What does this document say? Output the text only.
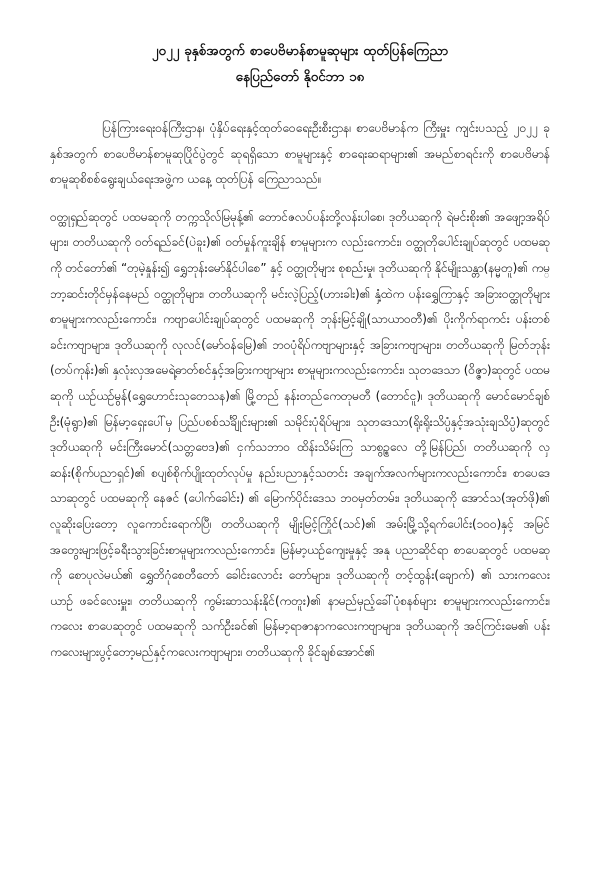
၂၀၂၂ ခုနှစ်အတွက် စာပေဗိမာန်စာမူဆုများ ထုတ်ပြန်ကြေညာ
နေပြည်တော် နိုဝင်ဘာ ၁၈

ပြန်ကြားရေးဝန်ကြီးဌာန၊ ပုံနှိပ်ရေးနှင့်ထုတ်ဝေရေးဦးစီးဌာန၊ စာပေဗိမာန်က ကြီးမှူး ကျင်းပသည့် ၂၀၂၂ ခုနှစ်အတွက် စာပေဗိမာန်စာမူဆုပြိုင်ပွဲတွင် ဆုရရှိသော စာမူများနှင့် စာရေးဆရာများ၏ အမည်စာရင်းကို စာပေဗိမာန်စာမူဆုစိစစ်ရွေးချယ်ရေးအဖွဲ့က ယနေ့ ထုတ်ပြန် ကြေညာသည်။

ဝတ္ထုရှည်ဆုတွင် ပထမဆုကို တက္ကသိုလ်မြမုန့်၏ တောင်ဇလပ်ပန်းတို့လန်းပါစေ၊ ဒုတိယဆုကို ရဲမင်းစိုး၏ အဖျော့အရိပ်များ၊ တတိယဆုကို ဝတ်ရည်ခင်(ပဲခူး)၏ ဝတ်မှုန်ကူးချိန် စာမူများက လည်းကောင်း၊ ဝတ္ထုတိုပေါင်းချုပ်ဆုတွင် ပထမဆုကို တင်တော်၏ “တုမဲ့နှုန်း၍ ရွှေဘုန်းမော်နိုင်ပါစေ” နှင့် ဝတ္ထုတိုများ စုစည်းမှု၊ ဒုတိယဆုကို နိုင်မျိုးသန္တာ(နမ္မတူ)၏ ကမ္ဘာ့ဆင်းတိုင်မှန်နေမည် ဝတ္ထုတိုများ၊ တတိယဆုကို မင်းလဲ့ပြည့်(ဟားခါး)၏ နှံ့ထဲက ပန်းရွှေကြာနှင့် အခြားဝတ္ထုတိုများ စာမူများကလည်းကောင်း၊ ကဗျာပေါင်းချုပ်ဆုတွင် ပထမဆုကို ဘုန်းမြင့်ချို(သာယာဝတီ)၏ ပိုးကိုက်ရာကင်း ပန်းတစ်ခင်းကဗျာများ၊ ဒုတိယဆုကို လုလင်(မော်ဝန်မြေ)၏ ဘဝပုံရိပ်ကဗျာများနှင့် အခြားကဗျာများ၊ တတိယဆုကို မြတ်ဘုန်း (တပ်ကုန်း)၏ နှလုံးလှအမေရဲ့ဓာတ်စင်နှင့်အခြားကဗျာများ စာမူများကလည်းကောင်း၊ သုတဒေသာ (ဝိဇ္ဇာ)ဆုတွင် ပထမဆုကို ယဉ်ယဉ်မွန်(ရွှေဟောင်းသုတေသန)၏ မြို့တည် နန်းတည်ကေတုမတီ (တောင်ငူ)၊ ဒုတိယဆုကို မောင်မောင်ချစ်ဦး(မုံရွာ)၏ မြန်မာ့ရှေးပေါ်မှ ပြည်ပစစ်သင်္ချိုင်းများ၏ သမိုင်းပုံရိပ်များ၊ သုတဒေသာ(ရိုးရိုးသိပ္ပံနှင့်အသုံးချသိပ္ပံ)ဆုတွင် ဒုတိယဆုကို မင်းကြီးမောင်(သတ္တဗေဒ)၏ ငှက်သဘာဝ ထိန်းသိမ်းကြ သာစွဥ္စလေ တို့မြန်ပြည်၊ တတိယဆုကို လှဆန်း(စိုက်ပညာရှင်)၏ စပျစ်စိုက်ပျိုးထုတ်လုပ်မှု နည်းပညာနှင့်သတင်း အချက်အလက်များကလည်းကောင်း၊ စာပေဒေသာဆုတွင် ပထမဆုကို နေဇင် (ပေါက်ခေါင်း) ၏ မြောက်ပိုင်းဒေသ ဘဝမှတ်တမ်း၊ ဒုတိယဆုကို အောင်သ(အုတ်ဖို)၏ လူဆိုးပြေးတော့ လူကောင်းရောက်ပြီ၊ တတိယဆုကို မျိုးမြင့်ကြိုင်(သင်)၏ အမ်းမြို့သို့ရက်ပေါင်း(၁၀၀)နှင့် အမြင်အတွေးများဖြင့်ခရီးသွားခြင်းစာမူများကလည်းကောင်း၊ မြန်မာ့ယဉ်ကျေးမှုနှင့် အနု ပညာဆိုင်ရာ စာပေဆုတွင် ပထမဆုကို စောပုလဲမယ်၏ ရွှေတိဂုံစေတီတော် ခေါင်းလောင်း တော်များ၊ ဒုတိယဆုကို တင့်ထွန်း(ချောက်) ၏ သားကလေးယာဉ် ဖခင်လေးမှူး၊ တတိယဆုကို ကွမ်းဆာသန်းနိုင်(ကတူး)၏ နာမည်မှည့်ခေါ်ပုံစနစ်များ စာမူများကလည်းကောင်း၊ ကလေး စာပေဆုတွင် ပထမဆုကို သက်ဦးခင်၏ မြန်မာ့ရာဇာနာကလေးကဗျာများ၊ ဒုတိယဆုကို အင်ကြင်းမေ၏ ပန်းကလေးများပွင့်တော့မည်နှင့်ကလေးကဗျာများ၊ တတိယဆုကို ခိုင်ချစ်အောင်၏
